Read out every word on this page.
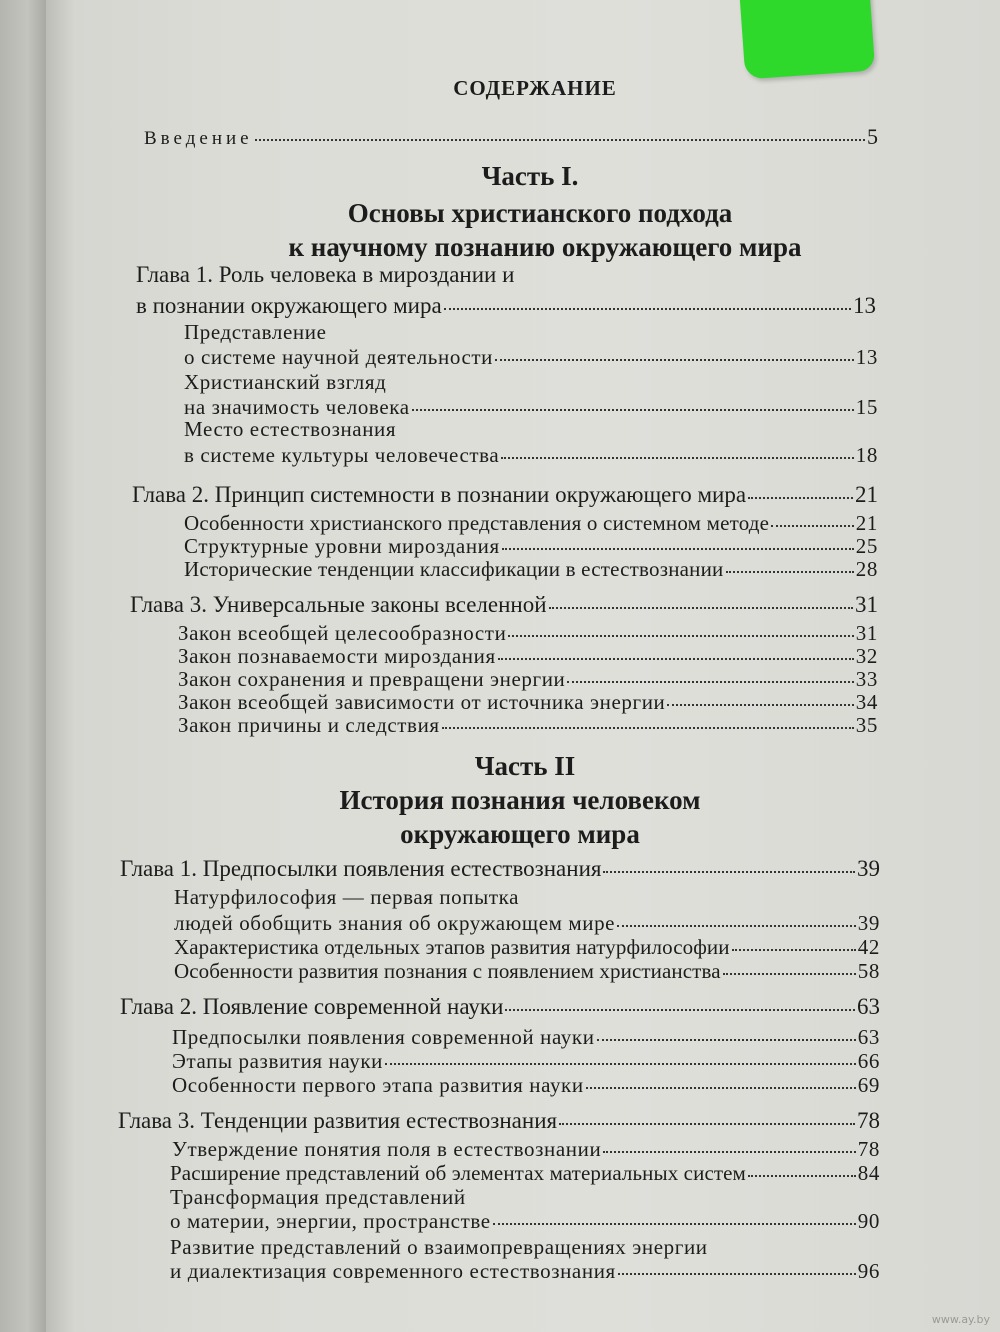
СОДЕРЖАНИЕ
Введение	5
Часть I.
Основы христианского подхода
к научному познанию окружающего мира
Глава 1. Роль человека в мироздании и
в познании окружающего мира	13
Представление
о системе научной деятельности	13
Христианский взгляд
на значимость человека	15
Место естествознания
в системе культуры человечества	18
Глава 2. Принцип системности в познании окружающего мира	21
Особенности христианского представления о системном методе	21
Структурные уровни мироздания	25
Исторические тенденции классификации в естествознании	28
Глава 3. Универсальные законы вселенной	31
Закон всеобщей целесообразности	31
Закон познаваемости мироздания	32
Закон сохранения и превращени энергии	33
Закон всеобщей зависимости от источника энергии	34
Закон причины и следствия	35
Часть II
История познания человеком
окружающего мира
Глава 1. Предпосылки появления естествознания	39
Натурфилософия — первая попытка
людей обобщить знания об окружающем мире	39
Характеристика отдельных этапов развития натурфилософии	42
Особенности развития познания с появлением христианства	58
Глава 2. Появление современной науки	63
Предпосылки появления современной науки	63
Этапы развития науки	66
Особенности первого этапа развития науки	69
Глава 3. Тенденции развития естествознания	78
Утверждение понятия поля в естествознании	78
Расширение представлений об элементах материальных систем	84
Трансформация представлений
о материи, энергии, пространстве	90
Развитие представлений о взаимопревращениях энергии
и диалектизация современного естествознания	96
www.ay.by
